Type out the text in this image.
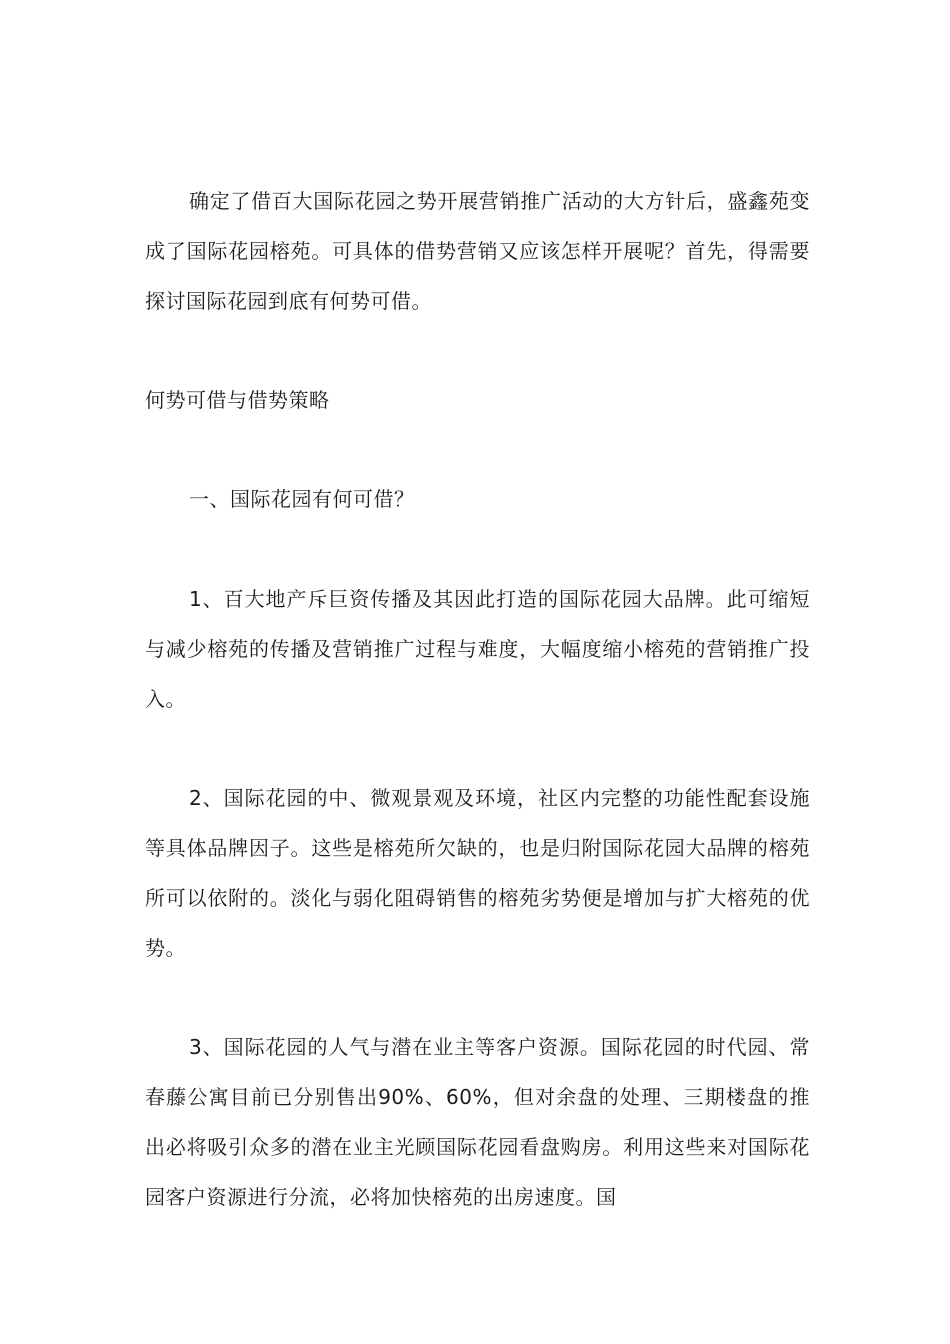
确定了借百大国际花园之势开展营销推广活动的大方针后，盛鑫苑变成了国际花园榕苑。可具体的借势营销又应该怎样开展呢？首先，得需要探讨国际花园到底有何势可借。

何势可借与借势策略

一、国际花园有何可借？

1、百大地产斥巨资传播及其因此打造的国际花园大品牌。此可缩短与减少榕苑的传播及营销推广过程与难度，大幅度缩小榕苑的营销推广投入。

2、国际花园的中、微观景观及环境，社区内完整的功能性配套设施等具体品牌因子。这些是榕苑所欠缺的，也是归附国际花园大品牌的榕苑所可以依附的。淡化与弱化阻碍销售的榕苑劣势便是增加与扩大榕苑的优势。

3、国际花园的人气与潜在业主等客户资源。国际花园的时代园、常春藤公寓目前已分别售出90%、60%，但对余盘的处理、三期楼盘的推出必将吸引众多的潜在业主光顾国际花园看盘购房。利用这些来对国际花园客户资源进行分流，必将加快榕苑的出房速度。国
